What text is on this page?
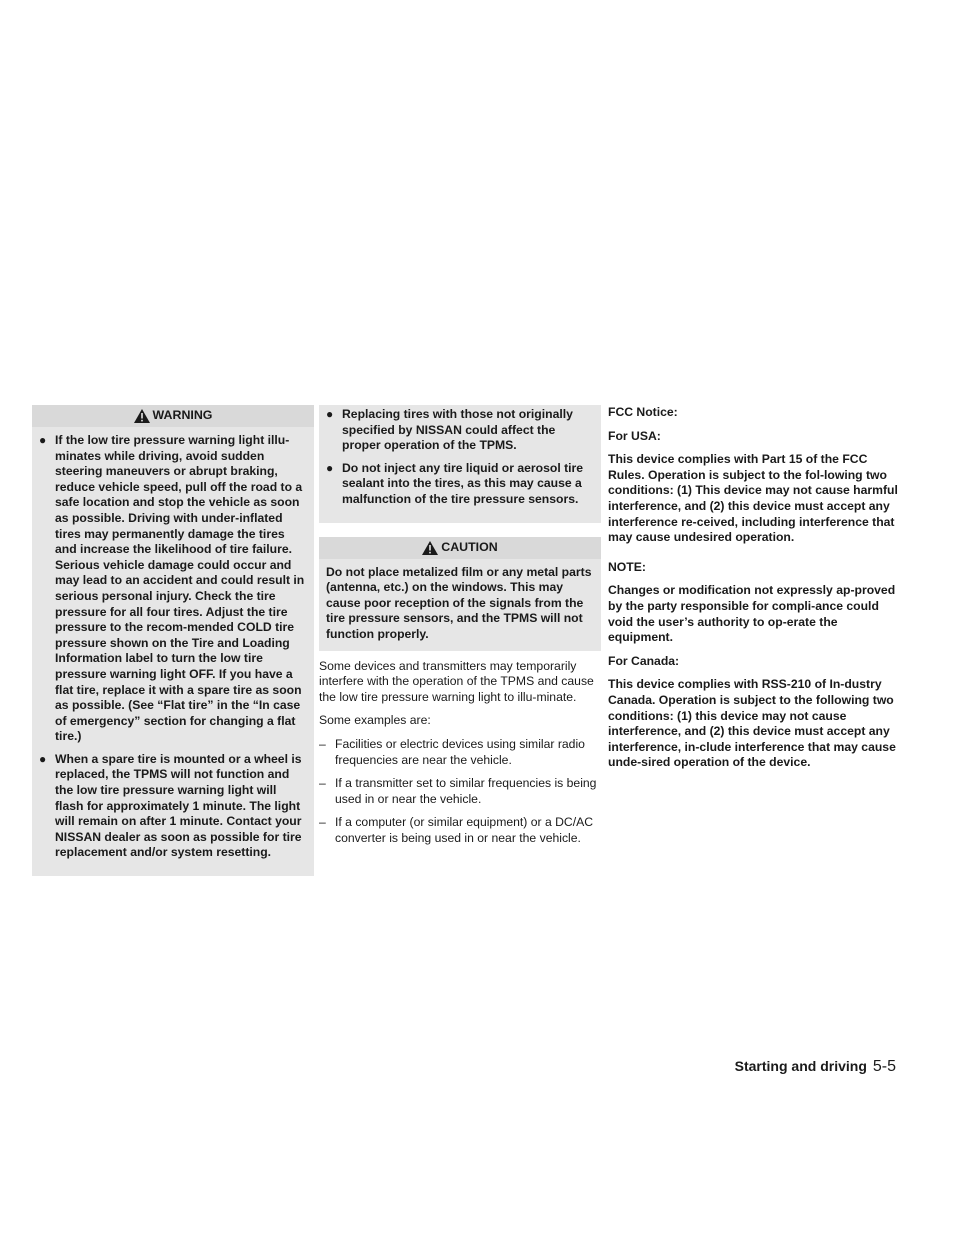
WARNING
● If the low tire pressure warning light illu-minates while driving, avoid sudden steering maneuvers or abrupt braking, reduce vehicle speed, pull off the road to a safe location and stop the vehicle as soon as possible. Driving with under-inflated tires may permanently damage the tires and increase the likelihood of tire failure. Serious vehicle damage could occur and may lead to an accident and could result in serious personal injury. Check the tire pressure for all four tires. Adjust the tire pressure to the recom-mended COLD tire pressure shown on the Tire and Loading Information label to turn the low tire pressure warning light OFF. If you have a flat tire, replace it with a spare tire as soon as possible. (See “Flat tire” in the “In case of emergency” section for changing a flat tire.)
● When a spare tire is mounted or a wheel is replaced, the TPMS will not function and the low tire pressure warning light will flash for approximately 1 minute. The light will remain on after 1 minute. Contact your NISSAN dealer as soon as possible for tire replacement and/or system resetting.
● Replacing tires with those not originally specified by NISSAN could affect the proper operation of the TPMS.
● Do not inject any tire liquid or aerosol tire sealant into the tires, as this may cause a malfunction of the tire pressure sensors.
CAUTION
Do not place metalized film or any metal parts (antenna, etc.) on the windows. This may cause poor reception of the signals from the tire pressure sensors, and the TPMS will not function properly.

Some devices and transmitters may temporarily interfere with the operation of the TPMS and cause the low tire pressure warning light to illu-minate.

Some examples are:

– Facilities or electric devices using similar radio frequencies are near the vehicle.
– If a transmitter set to similar frequencies is being used in or near the vehicle.
– If a computer (or similar equipment) or a DC/AC converter is being used in or near the vehicle.

FCC Notice:

For USA:

This device complies with Part 15 of the FCC Rules. Operation is subject to the fol-lowing two conditions: (1) This device may not cause harmful interference, and (2) this device must accept any interference re-ceived, including interference that may cause undesired operation.

NOTE:

Changes or modification not expressly ap-proved by the party responsible for compli-ance could void the user’s authority to op-erate the equipment.

For Canada:

This device complies with RSS-210 of In-dustry Canada. Operation is subject to the following two conditions: (1) this device may not cause interference, and (2) this device must accept any interference, in-clude interference that may cause unde-sired operation of the device.

Starting and driving 5-5
